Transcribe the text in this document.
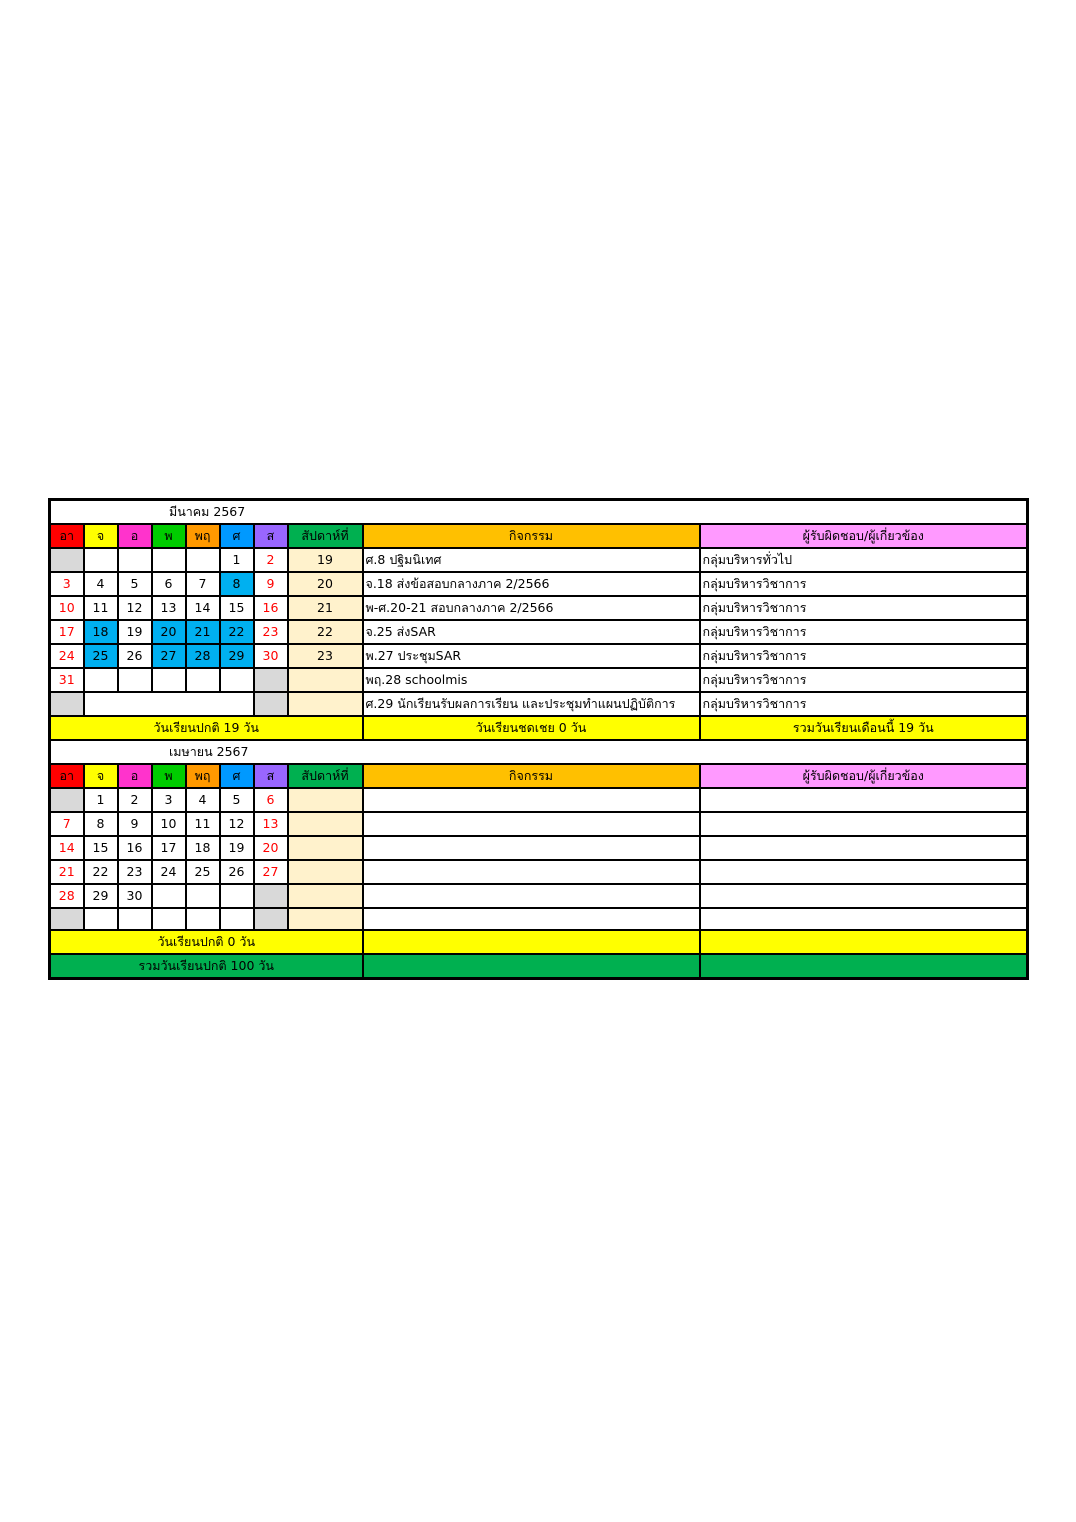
มีนาคม 2567									
อา	จ	อ	พ	พฤ	ศ	ส	สัปดาห์ที่	กิจกรรม	ผู้รับผิดชอบ/ผู้เกี่ยวข้อง
					1	2	19	ศ.8 ปฐิมนิเทศ	กลุ่มบริหารทั่วไป
3	4	5	6	7	8	9	20	จ.18 ส่งข้อสอบกลางภาค 2/2566	กลุ่มบริหารวิชาการ
10	11	12	13	14	15	16	21	พ-ศ.20-21 สอบกลางภาค 2/2566	กลุ่มบริหารวิชาการ
17	18	19	20	21	22	23	22	จ.25 ส่งSAR	กลุ่มบริหารวิชาการ
24	25	26	27	28	29	30	23	พ.27 ประชุมSAR	กลุ่มบริหารวิชาการ
31								พฤ.28 schoolmis	กลุ่มบริหารวิชาการ
								ศ.29 นักเรียนรับผลการเรียน และประชุมทำแผนปฏิบัติการ	กลุ่มบริหารวิชาการ
วันเรียนปกติ 19 วัน								วันเรียนชดเชย 0 วัน	รวมวันเรียนเดือนนี้ 19 วัน
เมษายน 2567									
อา	จ	อ	พ	พฤ	ศ	ส	สัปดาห์ที่	กิจกรรม	ผู้รับผิดชอบ/ผู้เกี่ยวข้อง
	1	2	3	4	5	6			
7	8	9	10	11	12	13			
14	15	16	17	18	19	20			
21	22	23	24	25	26	27			
28	29	30							

วันเรียนปกติ 0 วัน									
รวมวันเรียนปกติ 100 วัน									
